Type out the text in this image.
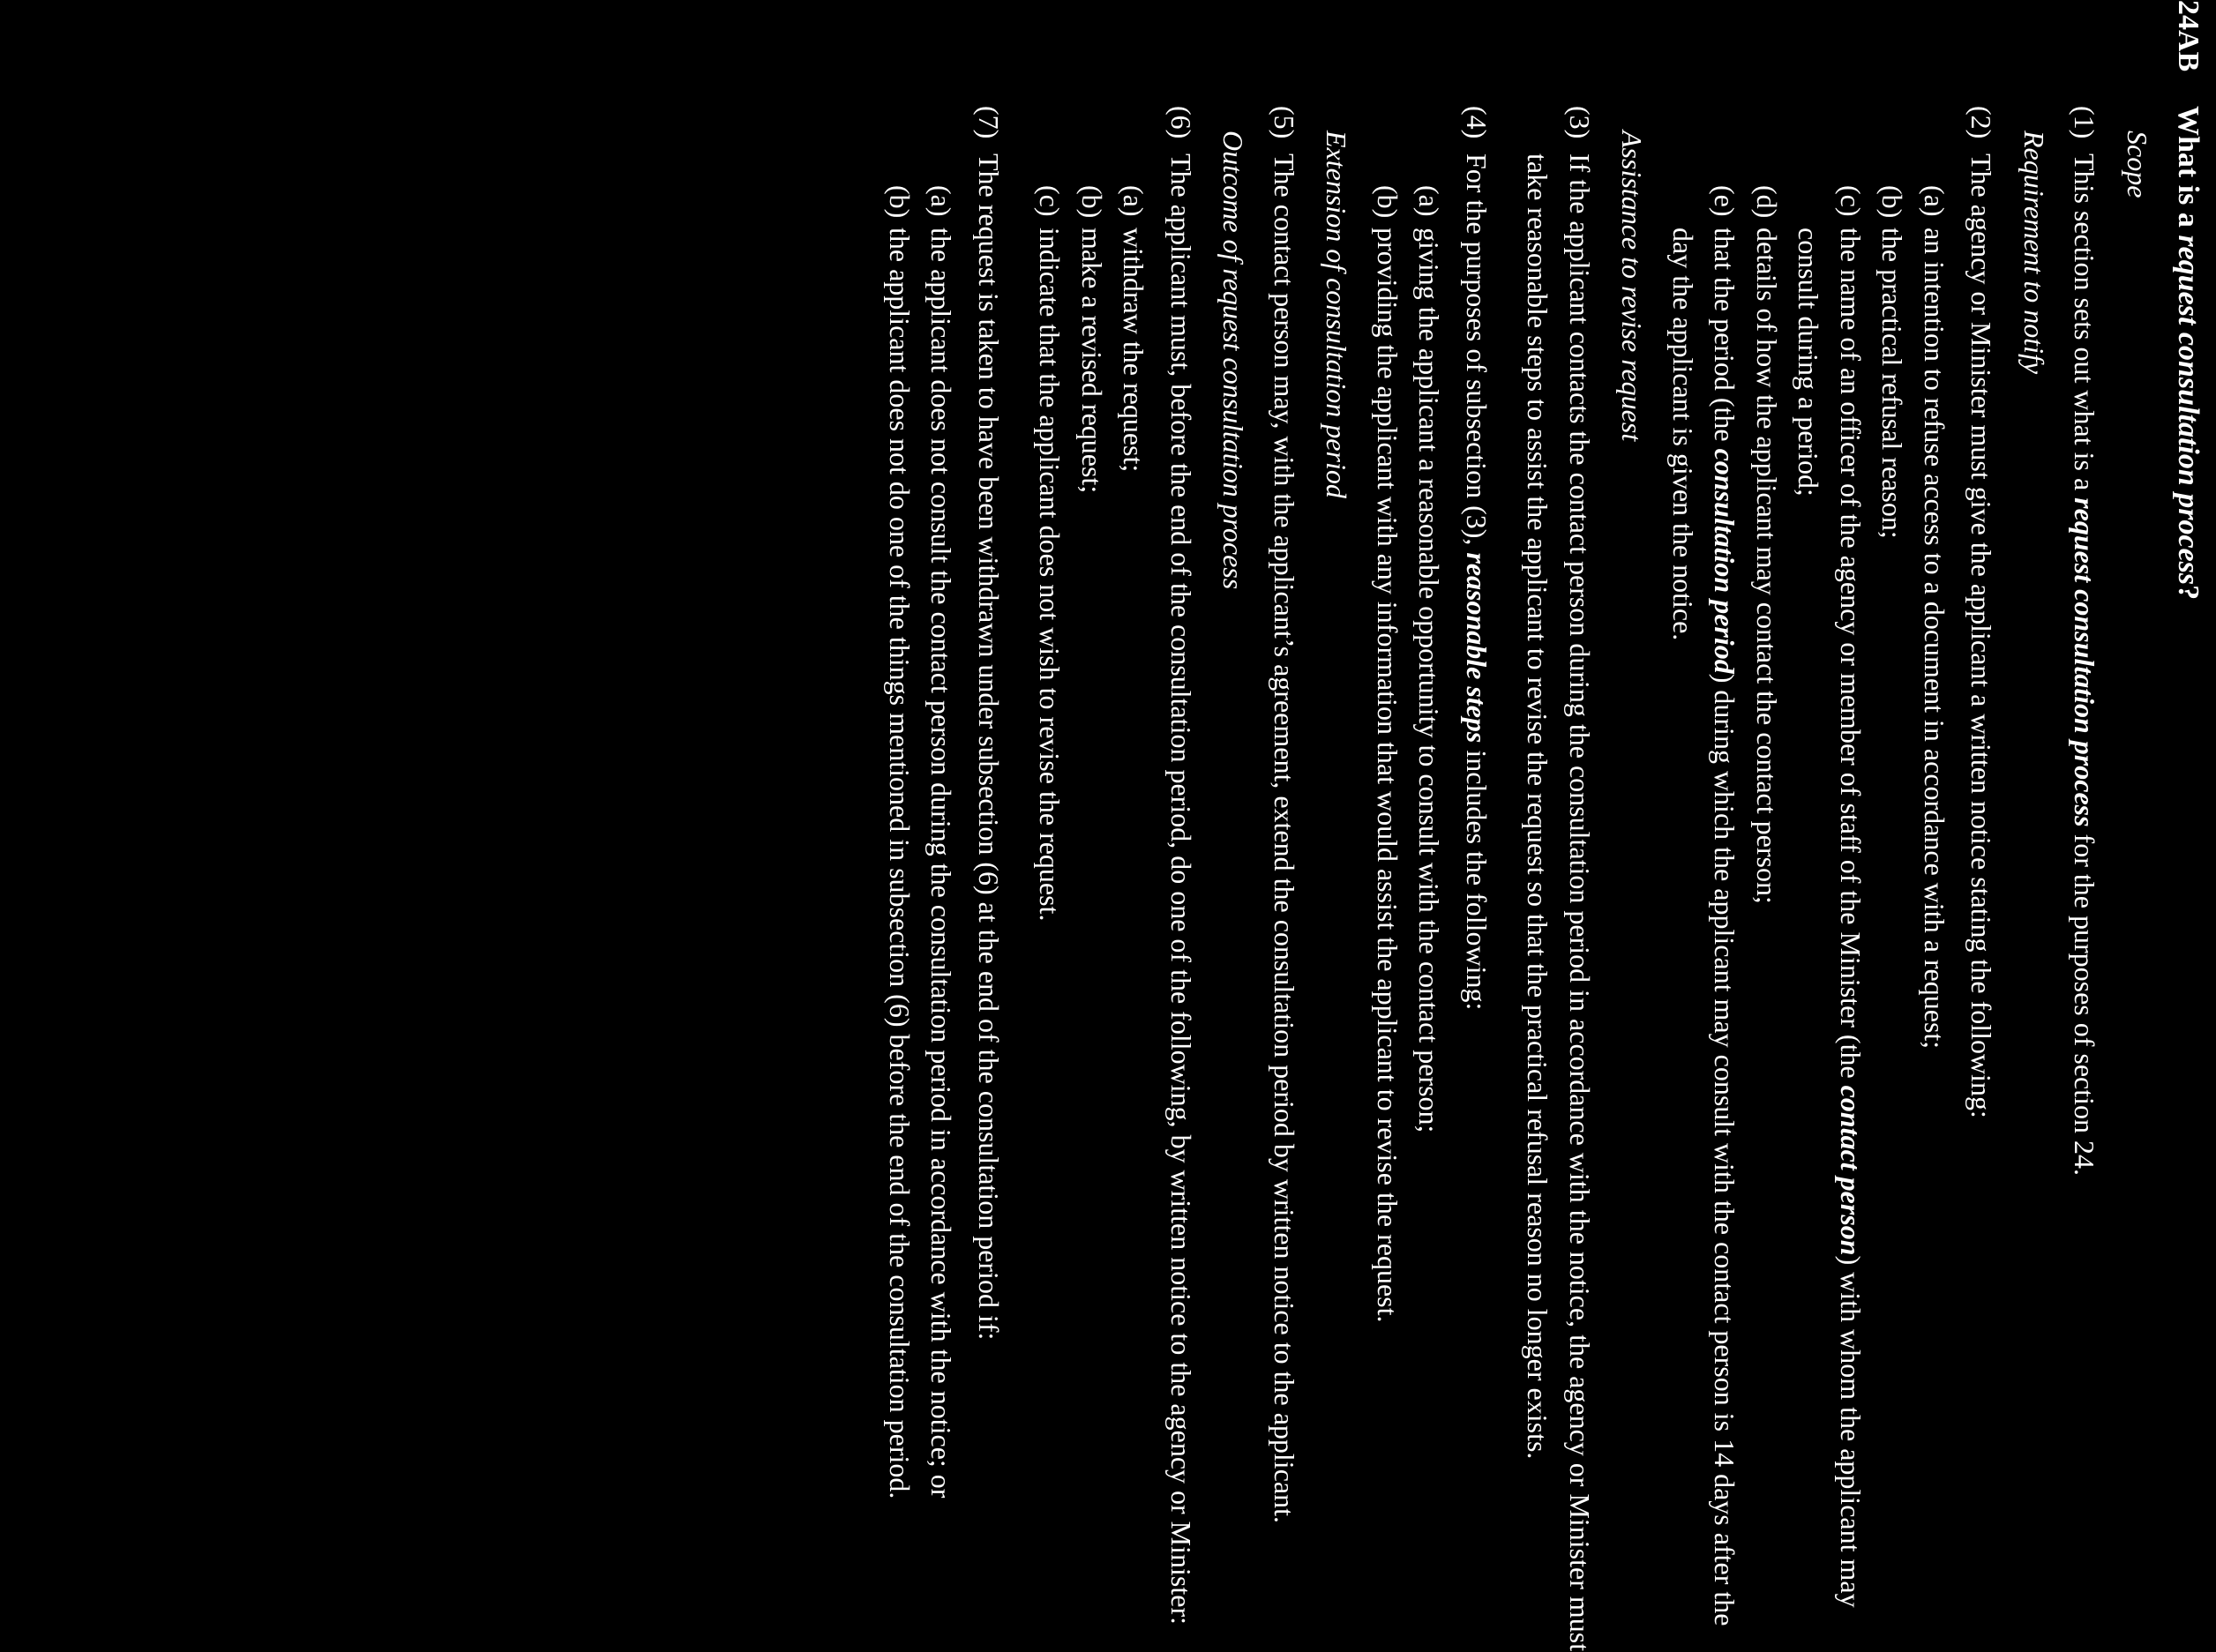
24AB
What is a request consultation process?
Scope
(1)
This section sets out what is a request consultation process for the purposes of section 24.
Requirement to notify
(2)
The agency or Minister must give the applicant a written notice stating the following:
(a)
an intention to refuse access to a document in accordance with a request;
(b)
the practical refusal reason;
(c)
the name of an officer of the agency or member of staff of the Minister (the contact person) with whom the applicant may consult during a period;
(d)
details of how the applicant may contact the contact person;
(e)
that the period (the consultation period) during which the applicant may consult with the contact person is 14 days after the day the applicant is given the notice.
Assistance to revise request
(3)
If the applicant contacts the contact person during the consultation period in accordance with the notice, the agency or Minister must take reasonable steps to assist the applicant to revise the request so that the practical refusal reason no longer exists.
(4)
For the purposes of subsection (3), reasonable steps includes the following:
(a)
giving the applicant a reasonable opportunity to consult with the contact person;
(b)
providing the applicant with any information that would assist the applicant to revise the request.
Extension of consultation period
(5)
The contact person may, with the applicant’s agreement, extend the consultation period by written notice to the applicant.
Outcome of request consultation process
(6)
The applicant must, before the end of the consultation period, do one of the following, by written notice to the agency or Minister:
(a)
withdraw the request;
(b)
make a revised request;
(c)
indicate that the applicant does not wish to revise the request.
(7)
The request is taken to have been withdrawn under subsection (6) at the end of the consultation period if:
(a)
the applicant does not consult the contact person during the consultation period in accordance with the notice; or
(b)
the applicant does not do one of the things mentioned in subsection (6) before the end of the consultation period.
